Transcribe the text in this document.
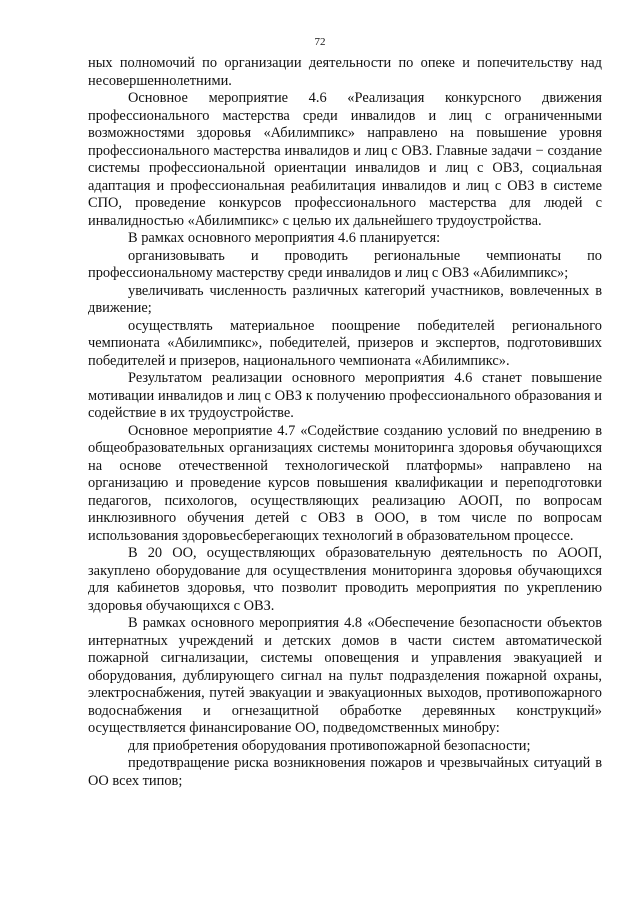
72

ных полномочий по организации деятельности по опеке и попечительству над несовершеннолетними.

Основное мероприятие 4.6 «Реализация конкурсного движения профессионального мастерства среди инвалидов и лиц с ограниченными возможностями здоровья «Абилимпикс» направлено на повышение уровня профессионального мастерства инвалидов и лиц с ОВЗ. Главные задачи − создание системы профессиональной ориентации инвалидов и лиц с ОВЗ, социальная адаптация и профессиональная реабилитация инвалидов и лиц с ОВЗ в системе СПО, проведение конкурсов профессионального мастерства для людей с инвалидностью «Абилимпикс» с целью их дальнейшего трудоустройства.

В рамках основного мероприятия 4.6 планируется:

организовывать и проводить региональные чемпионаты по профессиональному мастерству среди инвалидов и лиц с ОВЗ «Абилимпикс»;

увеличивать численность различных категорий участников, вовлеченных в движение;

осуществлять материальное поощрение победителей регионального чемпионата «Абилимпикс», победителей, призеров и экспертов, подготовивших победителей и призеров, национального чемпионата «Абилимпикс».

Результатом реализации основного мероприятия 4.6 станет повышение мотивации инвалидов и лиц с ОВЗ к получению профессионального образования и содействие в их трудоустройстве.

Основное мероприятие 4.7 «Содействие созданию условий по внедрению в общеобразовательных организациях системы мониторинга здоровья обучающихся на основе отечественной технологической платформы» направлено на организацию и проведение курсов повышения квалификации и переподготовки педагогов, психологов, осуществляющих реализацию АООП, по вопросам инклюзивного обучения детей с ОВЗ в ООО, в том числе по вопросам использования здоровьесберегающих технологий в образовательном процессе.

В 20 ОО, осуществляющих образовательную деятельность по АООП, закуплено оборудование для осуществления мониторинга здоровья обучающихся для кабинетов здоровья, что позволит проводить мероприятия по укреплению здоровья обучающихся с ОВЗ.

В рамках основного мероприятия 4.8 «Обеспечение безопасности объектов интернатных учреждений и детских домов в части систем автоматической пожарной сигнализации, системы оповещения и управления эвакуацией и оборудования, дублирующего сигнал на пульт подразделения пожарной охраны, электроснабжения, путей эвакуации и эвакуационных выходов, противопожарного водоснабжения и огнезащитной обработке деревянных конструкций» осуществляется финансирование ОО, подведомственных минобру:

для приобретения оборудования противопожарной безопасности;

предотвращение риска возникновения пожаров и чрезвычайных ситуаций в ОО всех типов;
